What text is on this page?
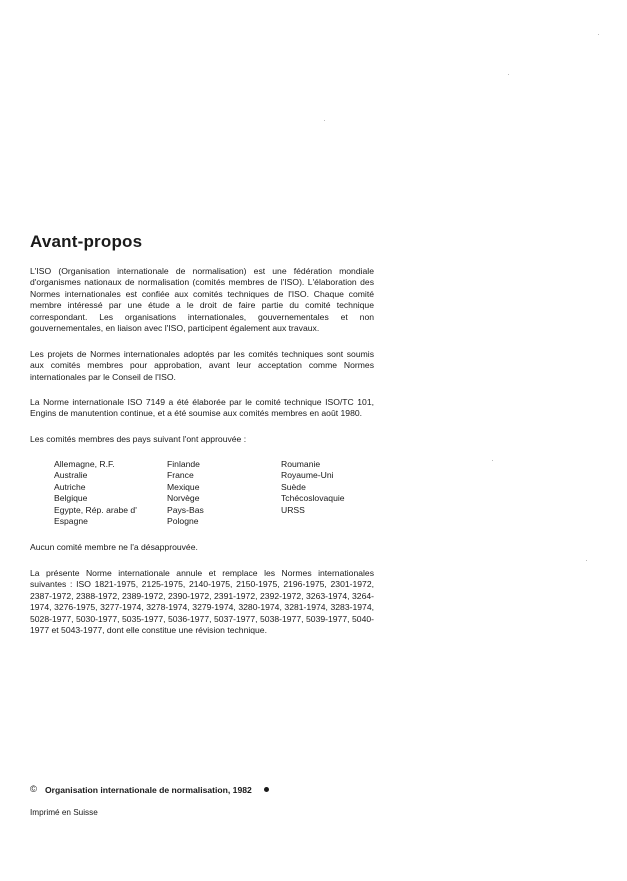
Avant-propos

L'ISO (Organisation internationale de normalisation) est une fédération mondiale d'organismes nationaux de normalisation (comités membres de l'ISO). L'élaboration des Normes internationales est confiée aux comités techniques de l'ISO. Chaque comité membre intéressé par une étude a le droit de faire partie du comité technique correspondant. Les organisations internationales, gouvernementales et non gouvernementales, en liaison avec l'ISO, participent également aux travaux.

Les projets de Normes internationales adoptés par les comités techniques sont soumis aux comités membres pour approbation, avant leur acceptation comme Normes internationales par le Conseil de l'ISO.

La Norme internationale ISO 7149 a été élaborée par le comité technique ISO/TC 101, Engins de manutention continue, et a été soumise aux comités membres en août 1980.

Les comités membres des pays suivant l'ont approuvée :

Allemagne, R.F.
Australie
Autriche
Belgique
Egypte, Rép. arabe d'
Espagne
Finlande
France
Mexique
Norvège
Pays-Bas
Pologne
Roumanie
Royaume-Uni
Suède
Tchécoslovaquie
URSS

Aucun comité membre ne l'a désapprouvée.

La présente Norme internationale annule et remplace les Normes internationales suivantes : ISO 1821-1975, 2125-1975, 2140-1975, 2150-1975, 2196-1975, 2301-1972, 2387-1972, 2388-1972, 2389-1972, 2390-1972, 2391-1972, 2392-1972, 3263-1974, 3264-1974, 3276-1975, 3277-1974, 3278-1974, 3279-1974, 3280-1974, 3281-1974, 3283-1974, 5028-1977, 5030-1977, 5035-1977, 5036-1977, 5037-1977, 5038-1977, 5039-1977, 5040-1977 et 5043-1977, dont elle constitue une révision technique.

© Organisation internationale de normalisation, 1982

Imprimé en Suisse
